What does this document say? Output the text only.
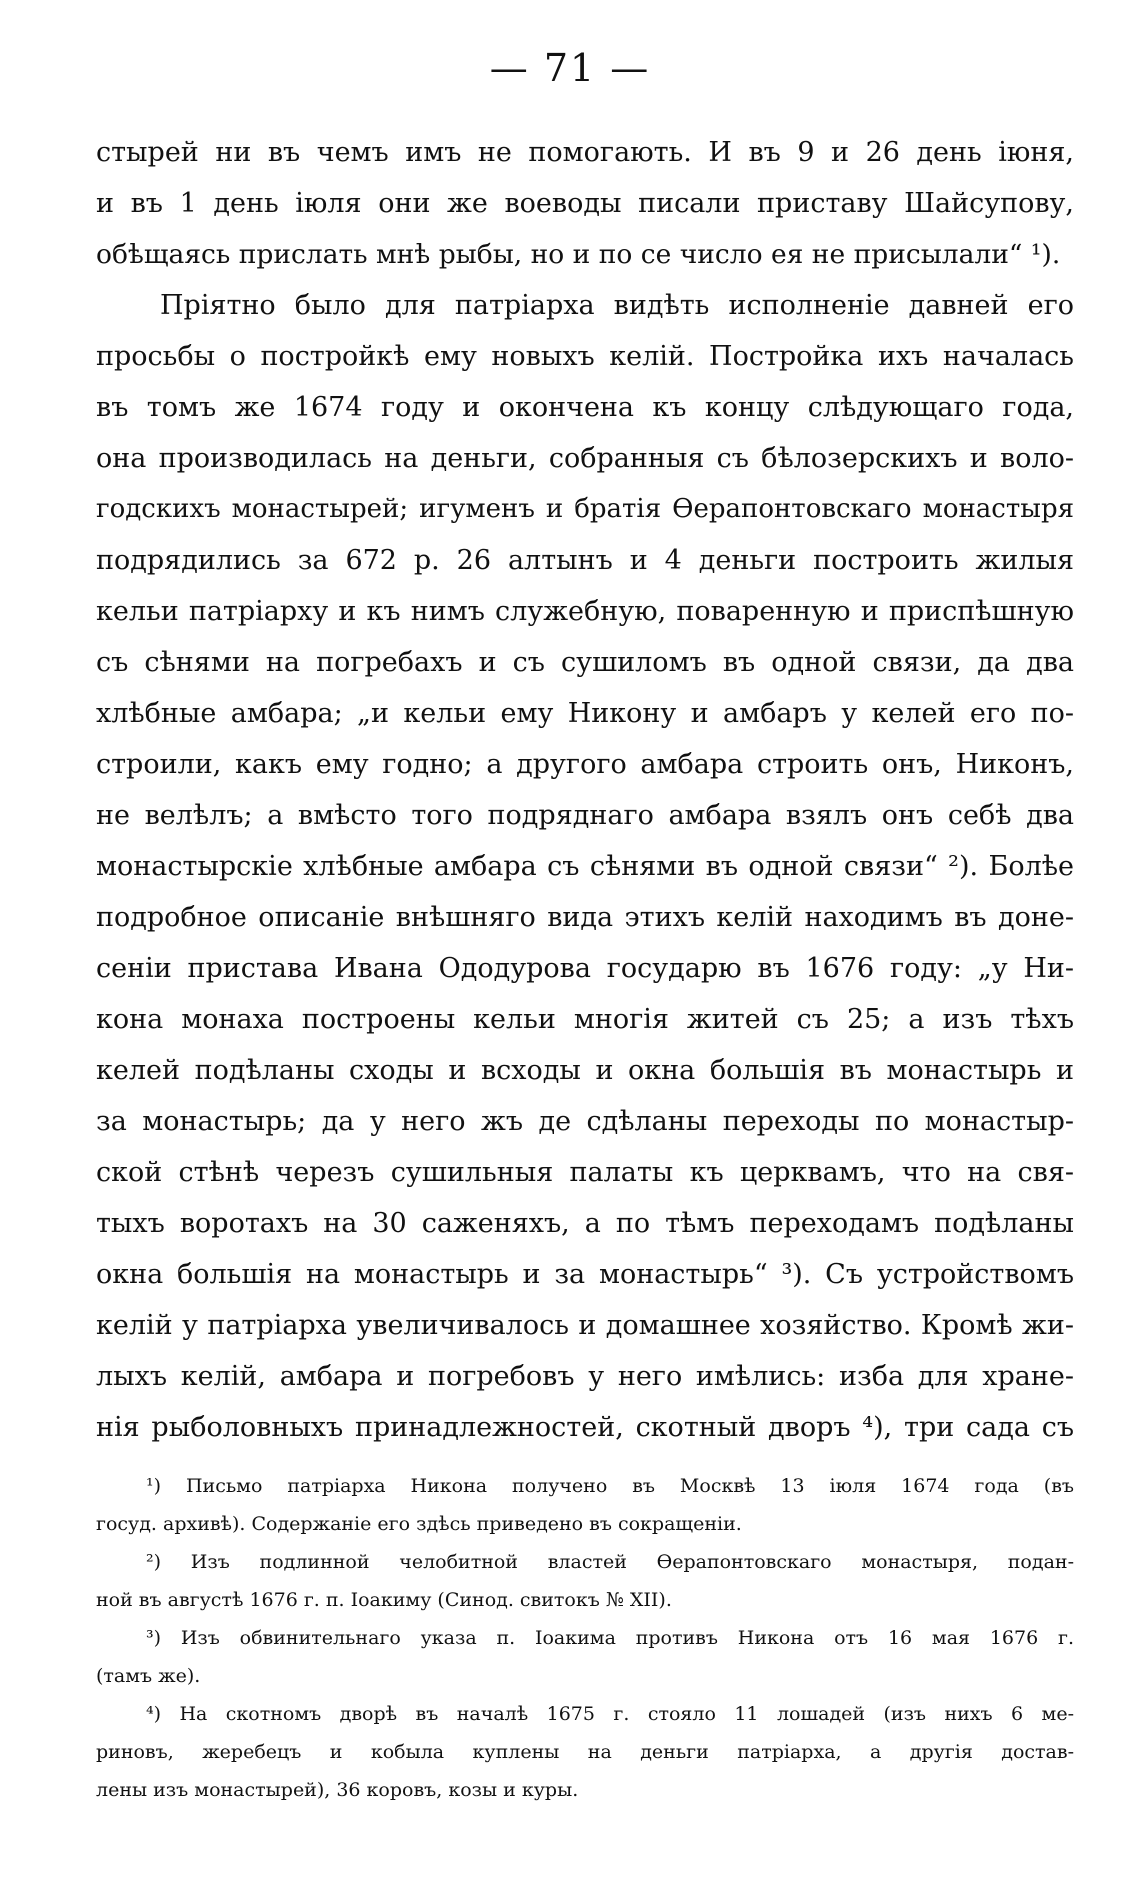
— 71 —
стырей ни въ чемъ имъ не помогають. И въ 9 и 26 день іюня,
и въ 1 день іюля они же воеводы писали приставу Шайсупову,
обѣщаясь прислать мнѣ рыбы, но и по се число ея не присылали“ ¹).
Пріятно было для патріарха видѣть исполненіе давней его
просьбы о постройкѣ ему новыхъ келій. Постройка ихъ началась
въ томъ же 1674 году и окончена къ концу слѣдующаго года,
она производилась на деньги, собранныя съ бѣлозерскихъ и воло-
годскихъ монастырей; игуменъ и братія Ѳерапонтовскаго монастыря
подрядились за 672 р. 26 алтынъ и 4 деньги построить жилыя
кельи патріарху и къ нимъ служебную, поваренную и приспѣшную
съ сѣнями на погребахъ и съ сушиломъ въ одной связи, да два
хлѣбные амбара; „и кельи ему Никону и амбаръ у келей его по-
строили, какъ ему годно; а другого амбара строить онъ, Никонъ,
не велѣлъ; а вмѣсто того подряднаго амбара взялъ онъ себѣ два
монастырскіе хлѣбные амбара съ сѣнями въ одной связи“ ²). Болѣе
подробное описаніе внѣшняго вида этихъ келій находимъ въ доне-
сеніи пристава Ивана Ододурова государю въ 1676 году: „у Ни-
кона монаха построены кельи многія житей съ 25; а изъ тѣхъ
келей подѣланы сходы и всходы и окна большія въ монастырь и
за монастырь; да у него жъ де сдѣланы переходы по монастыр-
ской стѣнѣ черезъ сушильныя палаты къ церквамъ, что на свя-
тыхъ воротахъ на 30 саженяхъ, а по тѣмъ переходамъ подѣланы
окна большія на монастырь и за монастырь“ ³). Съ устройствомъ
келій у патріарха увеличивалось и домашнее хозяйство. Кромѣ жи-
лыхъ келій, амбара и погребовъ у него имѣлись: изба для хране-
нія рыболовныхъ принадлежностей, скотный дворъ ⁴), три сада съ
¹) Письмо патріарха Никона получено въ Москвѣ 13 іюля 1674 года (въ
госуд. архивѣ). Содержаніе его здѣсь приведено въ сокращеніи.
²) Изъ подлинной челобитной властей Ѳерапонтовскаго монастыря, подан-
ной въ августѣ 1676 г. п. Іоакиму (Синод. свитокъ № XII).
³) Изъ обвинительнаго указа п. Іоакима противъ Никона отъ 16 мая 1676 г.
(тамъ же).
⁴) На скотномъ дворѣ въ началѣ 1675 г. стояло 11 лошадей (изъ нихъ 6 ме-
риновъ, жеребецъ и кобыла куплены на деньги патріарха, а другія достав-
лены изъ монастырей), 36 коровъ, козы и куры.
